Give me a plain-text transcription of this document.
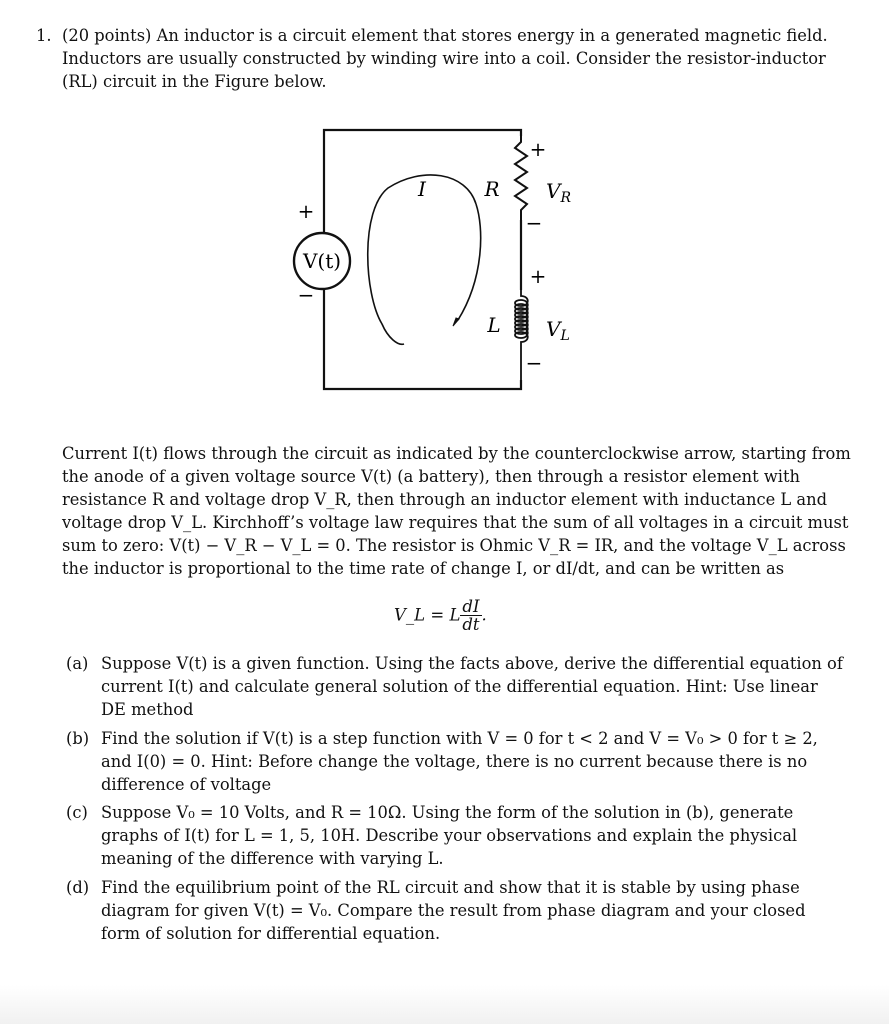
1. (20 points) An inductor is a circuit element that stores energy in a generated magnetic field.
Inductors are usually constructed by winding wire into a coil. Consider the resistor-inductor
(RL) circuit in the Figure below.
V(t)
+
−
I	R
+
−
$V_R$
L
+
−
$V_L$
Current I(t) flows through the circuit as indicated by the counterclockwise arrow, starting from
the anode of a given voltage source V(t) (a battery), then through a resistor element with
resistance R and voltage drop V_R, then through an inductor element with inductance L and
voltage drop V_L. Kirchhoff’s voltage law requires that the sum of all voltages in a circuit must
sum to zero: V(t) − V_R − V_L = 0. The resistor is Ohmic V_R = IR, and the voltage V_L across
the inductor is proportional to the time rate of change I, or dI/dt, and can be written as
V_L = L $\frac{dI}{dt}$ .
(a) Suppose V(t) is a given function. Using the facts above, derive the differential equation of
current I(t) and calculate general solution of the differential equation. Hint: Use linear
DE method
(b) Find the solution if V(t) is a step function with V = 0 for t < 2 and V = V₀ > 0 for t ≥ 2,
and I(0) = 0. Hint: Before change the voltage, there is no current because there is no
difference of voltage
(c) Suppose V₀ = 10 Volts, and R = 10Ω. Using the form of the solution in (b), generate
graphs of I(t) for L = 1, 5, 10H. Describe your observations and explain the physical
meaning of the difference with varying L.
(d) Find the equilibrium point of the RL circuit and show that it is stable by using phase
diagram for given V(t) = V₀. Compare the result from phase diagram and your closed
form of solution for differential equation.
